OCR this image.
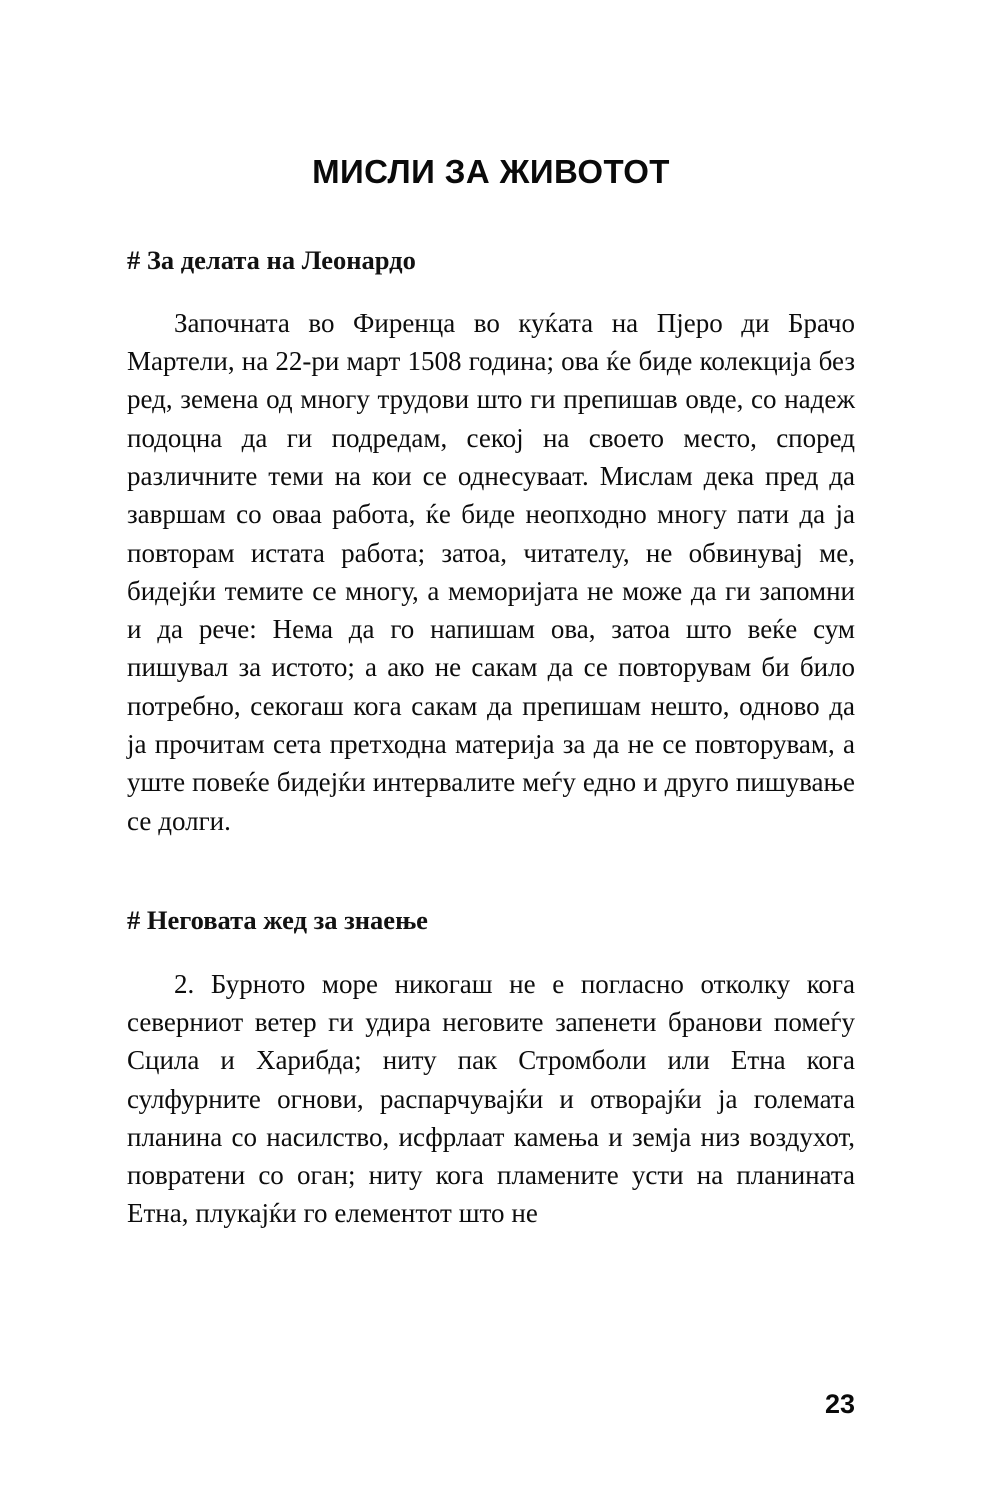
МИСЛИ ЗА ЖИВОТОТ
# За делата на Леонардо

Започната во Фиренца во куќата на Пјеро ди Брачо Мартели, на 22-ри март 1508 година; ова ќе биде колекција без ред, земена од многу трудови што ги препишав овде, со надеж подоцна да ги подредам, секој на своето место, според различните теми на кои се однесуваат. Мислам дека пред да завршам со оваа работа, ќе биде неопходно многу пати да ја повторам истата работа; затоа, читателу, не обвинувај ме, бидејќи темите се многу, а меморијата не може да ги запомни и да рече: Нема да го напишам ова, затоа што веќе сум пишувал за истото; а ако не сакам да се повторувам би било потребно, секогаш кога сакам да препишам нешто, одново да ја прочитам сета претходна материја за да не се повторувам, а уште повеќе бидејќи интервалите меѓу едно и друго пишување се долги.

# Неговата жед за знаење

2. Бурното море никогаш не е погласно отколку кога северниот ветер ги удира неговите запенети бранови помеѓу Сцила и Харибда; ниту пак Стромболи или Етна кога сулфурните огнови, распарчувајќи и отворајќи ја големата планина со насилство, исфрлаат камења и земја низ воздухот, повратени со оган; ниту кога пламените усти на планината Етна, плукајќи го елементот што не

23
